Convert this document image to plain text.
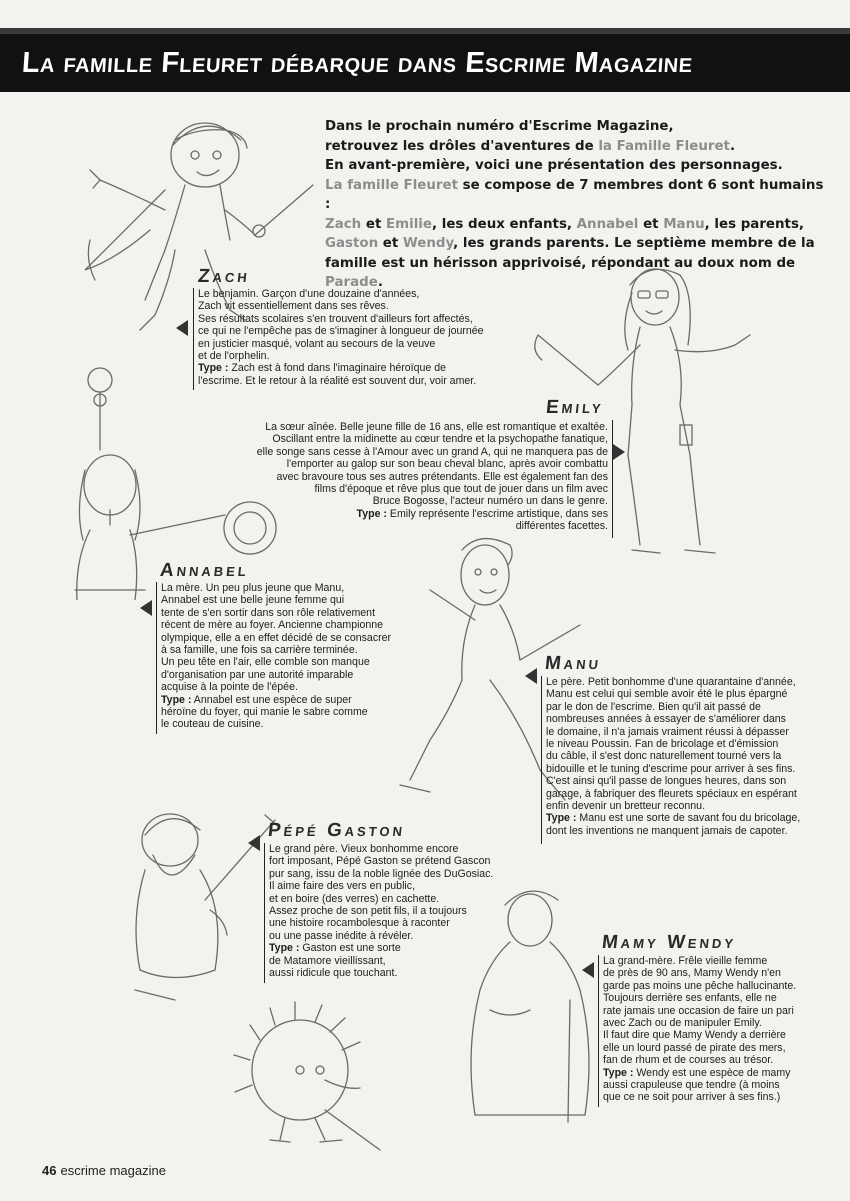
La famille Fleuret débarque dans Escrime Magazine
Dans le prochain numéro d'Escrime Magazine,
retrouvez les drôles d'aventures de la Famille Fleuret.
En avant-première, voici une présentation des personnages.
La famille Fleuret se compose de 7 membres dont 6 sont humains :
Zach et Emilie, les deux enfants, Annabel et Manu, les parents,
Gaston et Wendy, les grands parents. Le septième membre de la
famille est un hérisson apprivoisé, répondant au doux nom de Parade.
Zach

Le benjamin. Garçon d'une douzaine d'années,

Zach vit essentiellement dans ses rêves.

Ses résultats scolaires s'en trouvent d'ailleurs fort affectés,

ce qui ne l'empêche pas de s'imaginer à longueur de journée

en justicier masqué, volant au secours de la veuve

et de l'orphelin.

Type : Zach est à fond dans l'imaginaire héroïque de

l'escrime. Et le retour à la réalité est souvent dur, voir amer.

Emily

La sœur aînée. Belle jeune fille de 16 ans, elle est romantique et exaltée.

Oscillant entre la midinette au cœur tendre et la psychopathe fanatique,

elle songe sans cesse à l'Amour avec un grand A, qui ne manquera pas de

l'emporter au galop sur son beau cheval blanc, après avoir combattu

avec bravoure tous ses autres prétendants. Elle est également fan des

films d'époque et rêve plus que tout de jouer dans un film avec

Bruce Bogosse, l'acteur numéro un dans le genre.

Type : Emily représente l'escrime artistique, dans ses

différentes facettes.

Annabel

La mère. Un peu plus jeune que Manu,

Annabel est une belle jeune femme qui

tente de s'en sortir dans son rôle relativement

récent de mère au foyer. Ancienne championne

olympique, elle a en effet décidé de se consacrer

à sa famille, une fois sa carrière terminée.

Un peu tête en l'air, elle comble son manque

d'organisation par une autorité imparable

acquise à la pointe de l'épée.

Type : Annabel est une espèce de super

héroïne du foyer, qui manie le sabre comme

le couteau de cuisine.

Manu

Le père. Petit bonhomme d'une quarantaine d'année,

Manu est celui qui semble avoir été le plus épargné

par le don de l'escrime. Bien qu'il ait passé de

nombreuses années à essayer de s'améliorer dans

le domaine, il n'a jamais vraiment réussi à dépasser

le niveau Poussin. Fan de bricolage et d'émission

du câble, il s'est donc naturellement tourné vers la

bidouille et le tuning d'escrime pour arriver à ses fins.

C'est ainsi qu'il passe de longues heures, dans son

garage, à fabriquer des fleurets spéciaux en espérant

enfin devenir un bretteur reconnu.

Type : Manu est une sorte de savant fou du bricolage,

dont les inventions ne manquent jamais de capoter.

Pépé Gaston

Le grand père. Vieux bonhomme encore

fort imposant, Pépé Gaston se prétend Gascon

pur sang, issu de la noble lignée des DuGosiac.

Il aime faire des vers en public,

et en boire (des verres) en cachette.

Assez proche de son petit fils, il a toujours

une histoire rocambolesque à raconter

ou une passe inédite à révéler.

Type : Gaston est une sorte

de Matamore vieillissant,

aussi ridicule que touchant.

Mamy Wendy

La grand-mère. Frêle vieille femme

de près de 90 ans, Mamy Wendy n'en

garde pas moins une pêche hallucinante.

Toujours derrière ses enfants, elle ne

rate jamais une occasion de faire un pari

avec Zach ou de manipuler Emily.

Il faut dire que Mamy Wendy a derrière

elle un lourd passé de pirate des mers,

fan de rhum et de courses au trésor.

Type : Wendy est une espèce de mamy

aussi crapuleuse que tendre (à moins

que ce ne soit pour arriver à ses fins.)

46 escrime magazine
